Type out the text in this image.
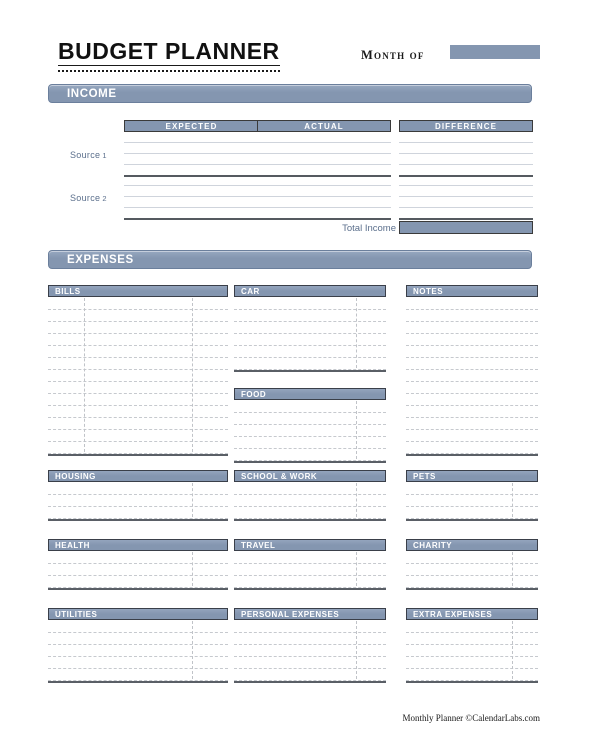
BUDGET PLANNER	Month of
INCOME
EXPECTED	ACTUAL	DIFFERENCE
Source 1
Source 2
Total Income
EXPENSES
BILLS
HOUSING
HEALTH
UTILITIES
CAR
FOOD
SCHOOL & WORK
TRAVEL
PERSONAL EXPENSES
NOTES
PETS
CHARITY
EXTRA EXPENSES
Monthly Planner ©CalendarLabs.com
